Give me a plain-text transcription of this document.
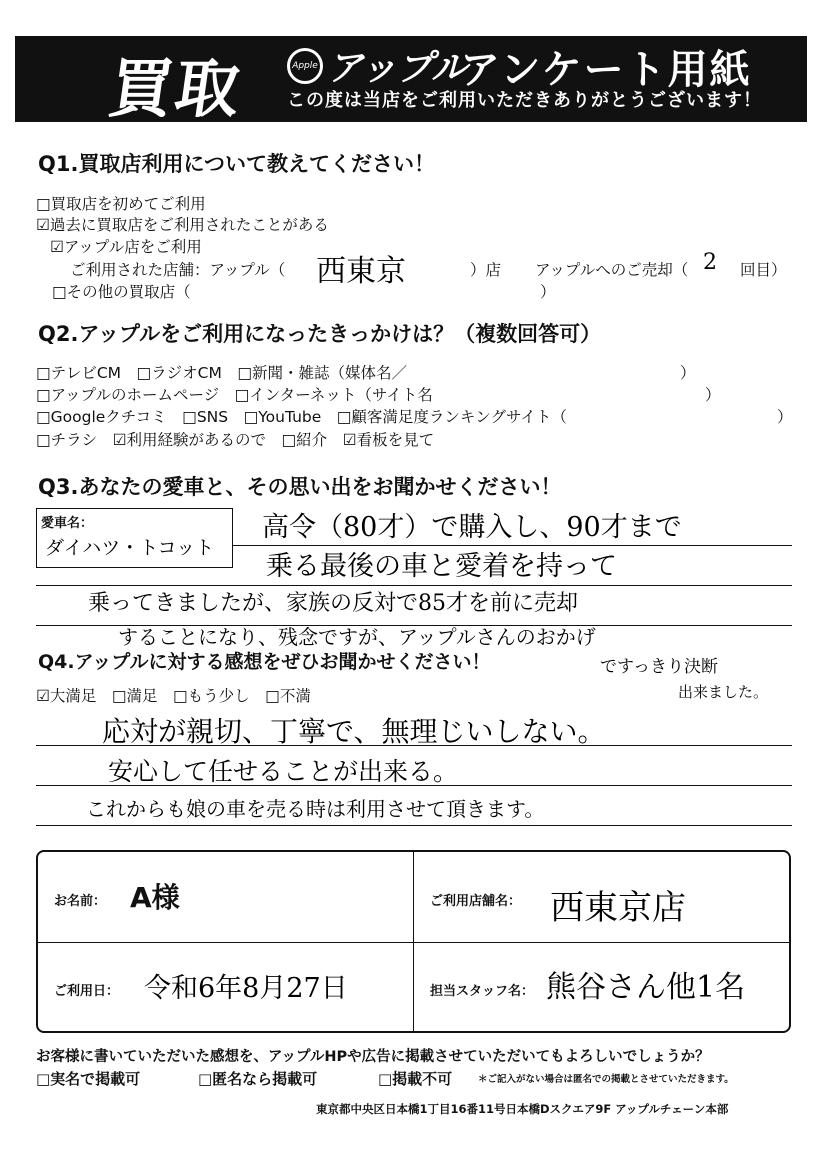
買取	Apple アップル
アンケート用紙
この度は当店をご利用いただきありがとうございます！
Q1.買取店利用について教えてください！
□買取店を初めてご利用
☑過去に買取店をご利用されたことがある
☑アップル店をご利用
ご利用された店舗：アップル（ 西東京	）店 アップルへのご売却（ 2 回目）
□その他の買取店（	）
Q2.アップルをご利用になったきっかけは？（複数回答可）
□テレビCM　□ラジオCM　□新聞・雑誌（媒体名／	）
□アップルのホームページ　□インターネット（サイト名	）
□Googleクチコミ　□SNS　□YouTube　□顧客満足度ランキングサイト（	）
□チラシ　☑利用経験があるので　□紹介　☑看板を見て
Q3.あなたの愛車と、その思い出をお聞かせください！
愛車名：
ダイハツ・トコット
高令（80才）で購入し、90才まで
乗る最後の車と愛着を持って
乗ってきましたが、家族の反対で85才を前に売却
することになり、残念ですが、アップルさんのおかげ
ですっきり決断
出来ました。
Q4.アップルに対する感想をぜひお聞かせください！
☑大満足　□満足　□もう少し　□不満
応対が親切、丁寧で、無理じいしない。
安心して任せることが出来る。
これからも娘の車を売る時は利用させて頂きます。
お名前： A様	ご利用店舗名： 西東京店
ご利用日： 令和6年8月27日	担当スタッフ名： 熊谷さん他1名
お客様に書いていただいた感想を、アップルHPや広告に掲載させていただいてもよろしいでしょうか？
□実名で掲載可	□匿名なら掲載可	□掲載不可	＊ご記入がない場合は匿名での掲載とさせていただきます。
東京都中央区日本橋1丁目16番11号日本橋Dスクエア9F アップルチェーン本部
